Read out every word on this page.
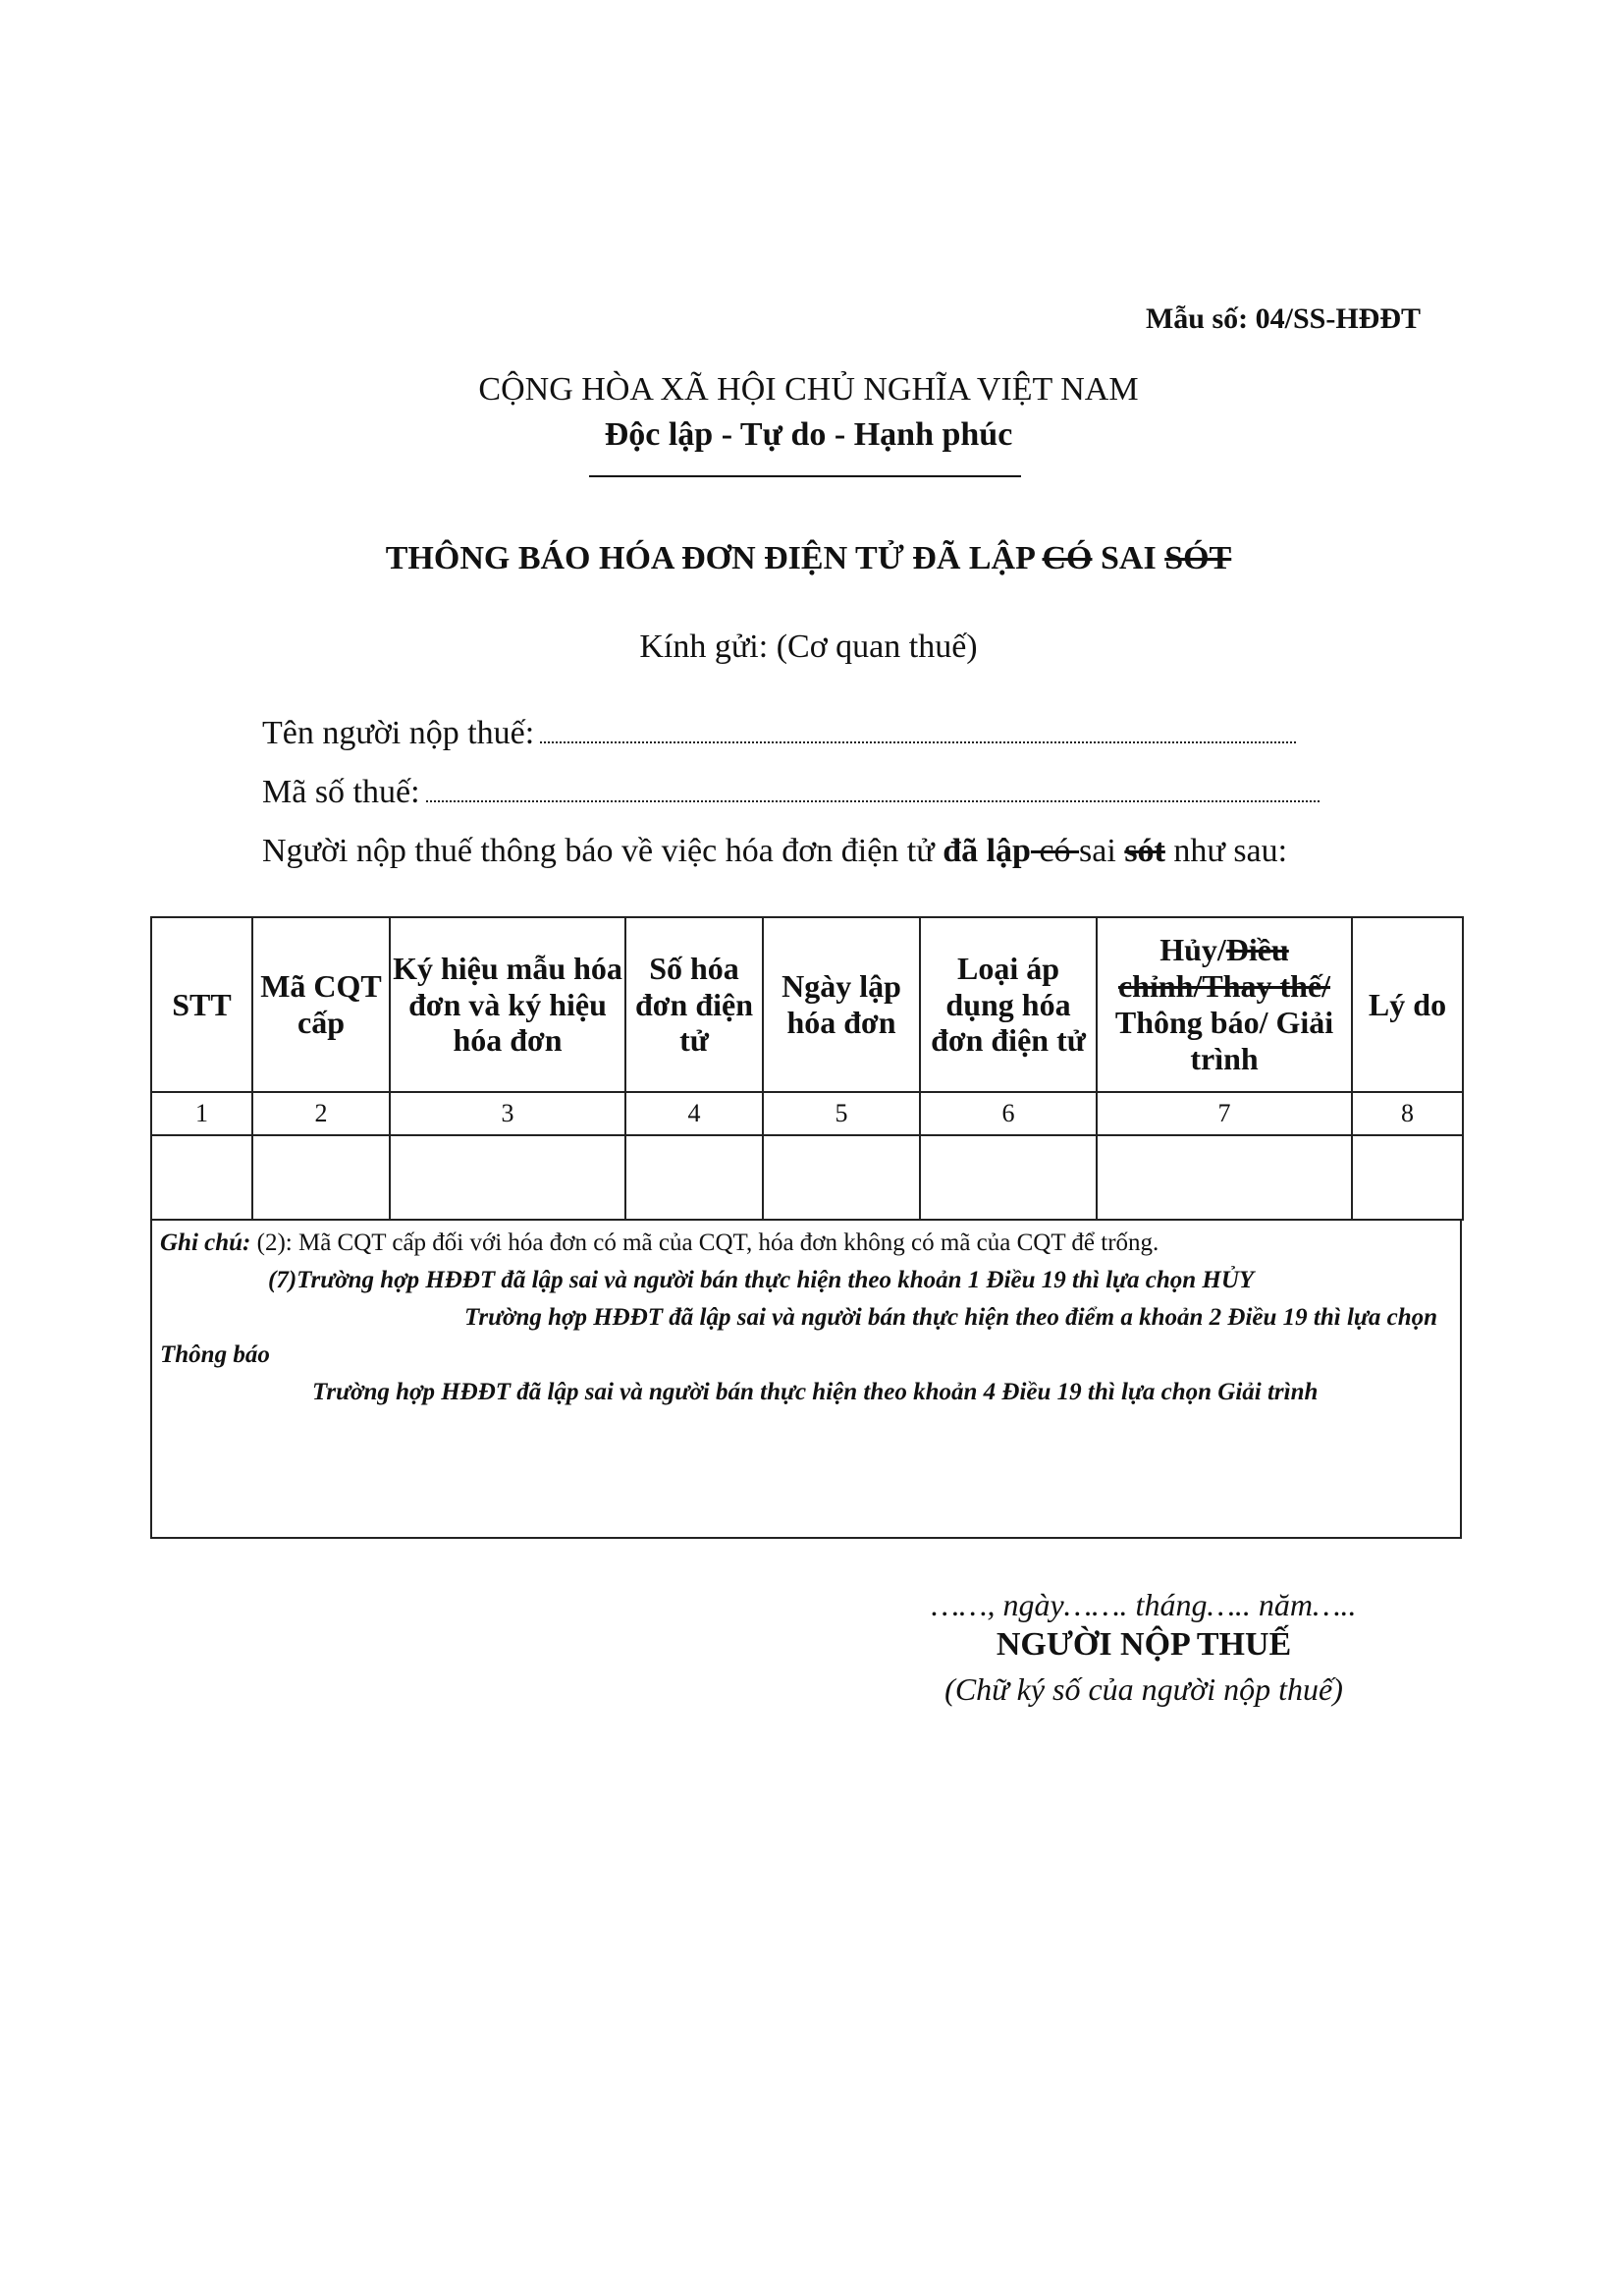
Mẫu số: 04/SS-HĐĐT
CỘNG HÒA XÃ HỘI CHỦ NGHĨA VIỆT NAM
Độc lập - Tự do - Hạnh phúc
THÔNG BÁO HÓA ĐƠN ĐIỆN TỬ ĐÃ LẬP CÓ SAI SÓT
Kính gửi: (Cơ quan thuế)
Tên người nộp thuế:
Mã số thuế:
Người nộp thuế thông báo về việc hóa đơn điện tử đã lập có sai sót như sau:
STT	Mã CQT cấp	Ký hiệu mẫu hóa đơn và ký hiệu hóa đơn	Số hóa đơn điện tử	Ngày lập hóa đơn	Loại áp dụng hóa đơn điện tử	Hủy/Điều chỉnh/Thay thế/ Thông báo/ Giải trình	Lý do
1	2	3	4	5	6	7	8

Ghi chú: (2): Mã CQT cấp đối với hóa đơn có mã của CQT, hóa đơn không có mã của CQT để trống.

(7)Trường hợp HĐĐT đã lập sai và người bán thực hiện theo khoản 1 Điều 19 thì lựa chọn HỦY

Trường hợp HĐĐT đã lập sai và người bán thực hiện theo điểm a khoản 2 Điều 19 thì lựa chọn Thông báo

Trường hợp HĐĐT đã lập sai và người bán thực hiện theo khoản 4 Điều 19 thì lựa chọn Giải trình

……, ngày……. tháng….. năm…..
NGƯỜI NỘP THUẾ
(Chữ ký số của người nộp thuế)
